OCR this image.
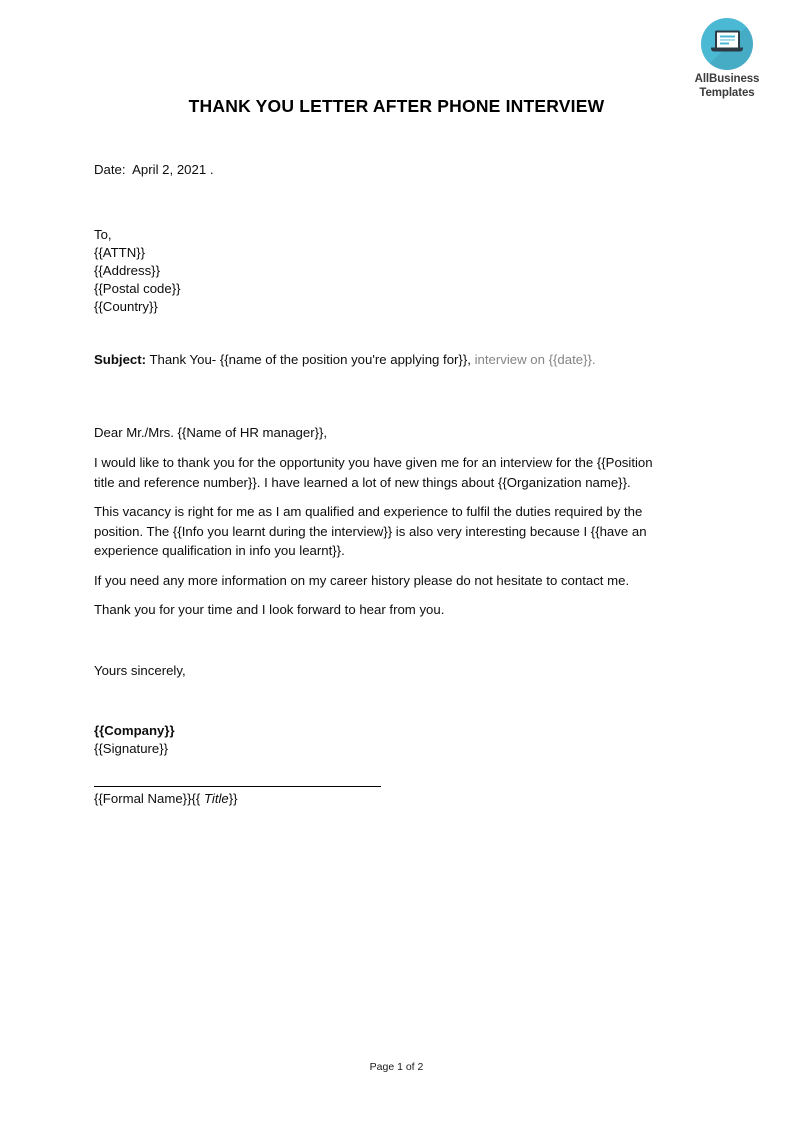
AllBusiness
Templates
THANK YOU LETTER AFTER PHONE INTERVIEW
Date:  April 2, 2021 .
To,
{{ATTN}}
{{Address}}
{{Postal code}}
{{Country}}
Subject: Thank You- {{name of the position you're applying for}}, interview on {{date}}.
Dear Mr./Mrs. {{Name of HR manager}},
I would like to thank you for the opportunity you have given me for an interview for the {{Position title and reference number}}. I have learned a lot of new things about {{Organization name}}.
This vacancy is right for me as I am qualified and experience to fulfil the duties required by the position. The {{Info you learnt during the interview}} is also very interesting because I {{have an experience qualification in info you learnt}}.
If you need any more information on my career history please do not hesitate to contact me.
Thank you for your time and I look forward to hear from you.
Yours sincerely,
{{Company}}
{{Signature}}
{{Formal Name}}{{ Title}}
Page 1 of 2
